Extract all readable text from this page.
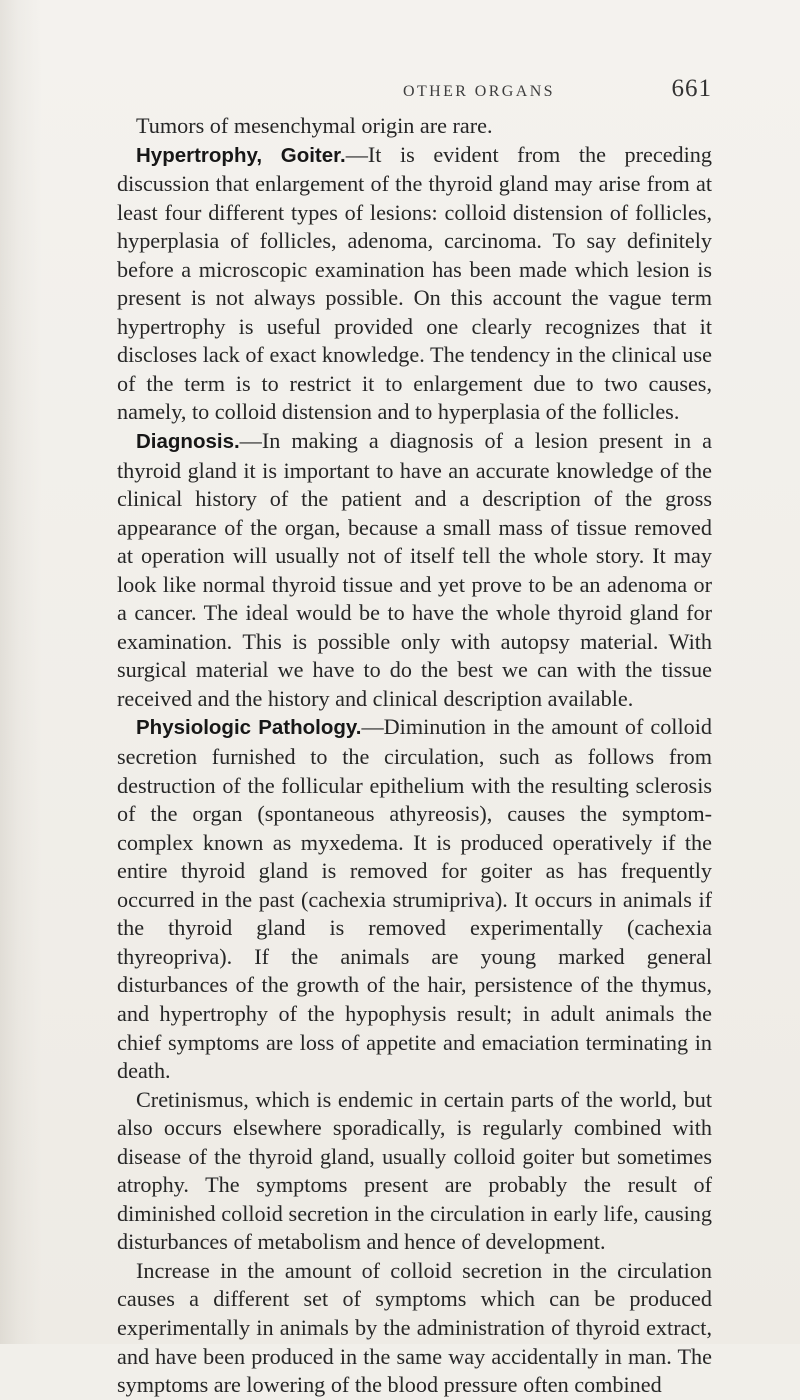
OTHER ORGANS	661

Tumors of mesenchymal origin are rare.

Hypertrophy, Goiter.—It is evident from the preceding discussion that enlargement of the thyroid gland may arise from at least four different types of lesions: colloid distension of follicles, hyperplasia of follicles, adenoma, carcinoma. To say definitely before a microscopic examination has been made which lesion is present is not always possible. On this account the vague term hypertrophy is useful provided one clearly recognizes that it discloses lack of exact knowledge. The tendency in the clinical use of the term is to restrict it to enlargement due to two causes, namely, to colloid distension and to hyperplasia of the follicles.

Diagnosis.—In making a diagnosis of a lesion present in a thyroid gland it is important to have an accurate knowledge of the clinical history of the patient and a description of the gross appearance of the organ, because a small mass of tissue removed at operation will usually not of itself tell the whole story. It may look like normal thyroid tissue and yet prove to be an adenoma or a cancer. The ideal would be to have the whole thyroid gland for examination. This is possible only with autopsy material. With surgical material we have to do the best we can with the tissue received and the history and clinical description available.

Physiologic Pathology.—Diminution in the amount of colloid secretion furnished to the circulation, such as follows from destruction of the follicular epithelium with the resulting sclerosis of the organ (spontaneous athyreosis), causes the symptom-complex known as myxedema. It is produced operatively if the entire thyroid gland is removed for goiter as has frequently occurred in the past (cachexia strumipriva). It occurs in animals if the thyroid gland is removed experimentally (cachexia thyreopriva). If the animals are young marked general disturbances of the growth of the hair, persistence of the thymus, and hypertrophy of the hypophysis result; in adult animals the chief symptoms are loss of appetite and emaciation terminating in death.

Cretinismus, which is endemic in certain parts of the world, but also occurs elsewhere sporadically, is regularly combined with disease of the thyroid gland, usually colloid goiter but sometimes atrophy. The symptoms present are probably the result of diminished colloid secretion in the circulation in early life, causing disturbances of metabolism and hence of development.

Increase in the amount of colloid secretion in the circulation causes a different set of symptoms which can be produced experimentally in animals by the administration of thyroid extract, and have been produced in the same way accidentally in man. The symptoms are lowering of the blood pressure often combined
